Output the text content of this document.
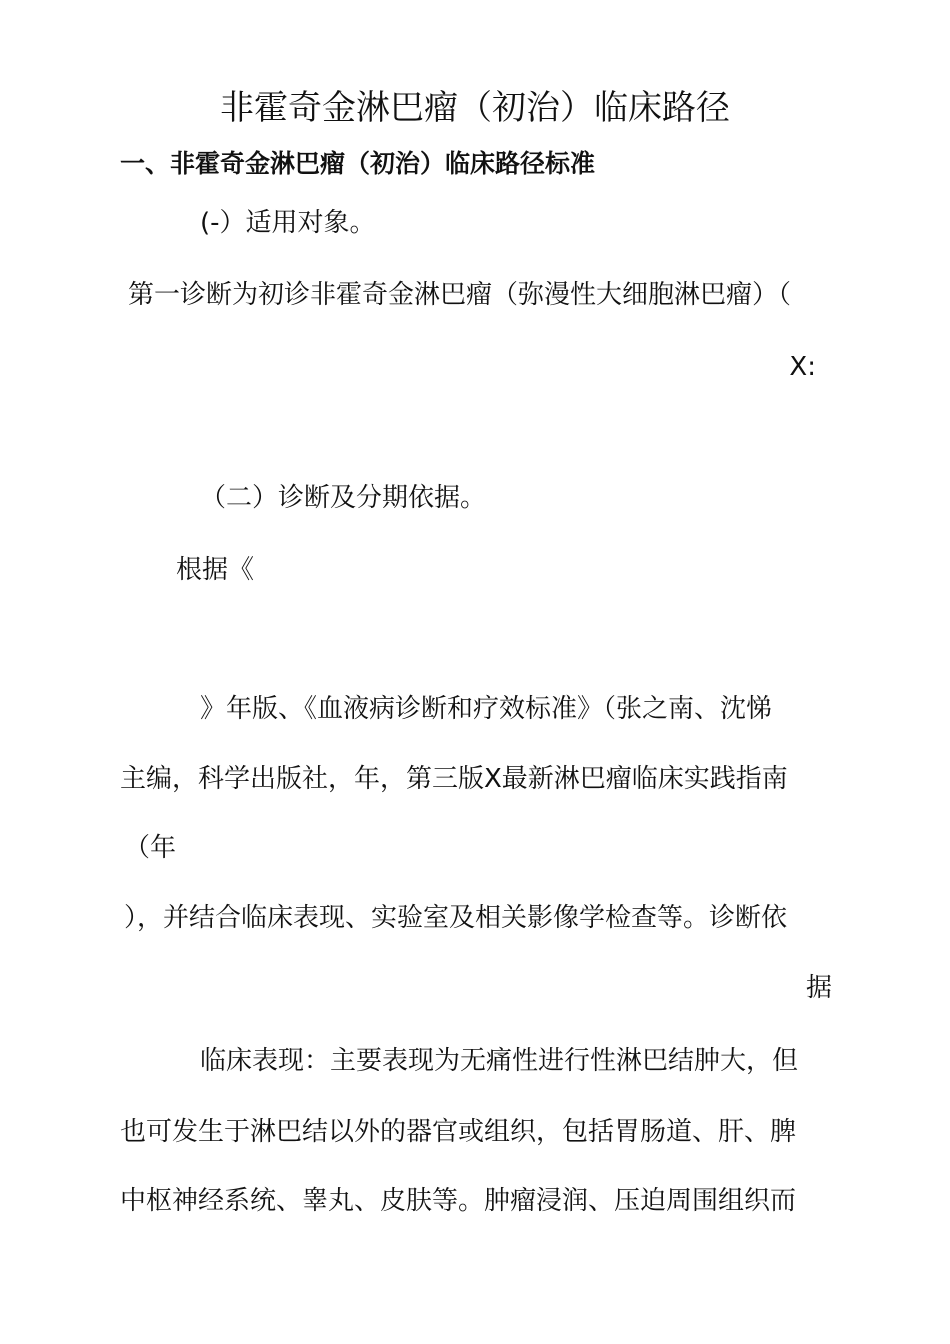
非霍奇金淋巴瘤（初治）临床路径
一、非霍奇金淋巴瘤（初治）临床路径标准
(-）适用对象。
第一诊断为初诊非霍奇金淋巴瘤（弥漫性大细胞淋巴瘤）（
X:
（二）诊断及分期依据。
根据《
》年版、《血液病诊断和疗效标准》（张之南、沈悌
主编，科学出版社，年，第三版X最新淋巴瘤临床实践指南
（年
），并结合临床表现、实验室及相关影像学检查等。诊断依
据
临床表现：主要表现为无痛性进行性淋巴结肿大，但
也可发生于淋巴结以外的器官或组织，包括胃肠道、肝、脾
中枢神经系统、睾丸、皮肤等。肿瘤浸润、压迫周围组织而
